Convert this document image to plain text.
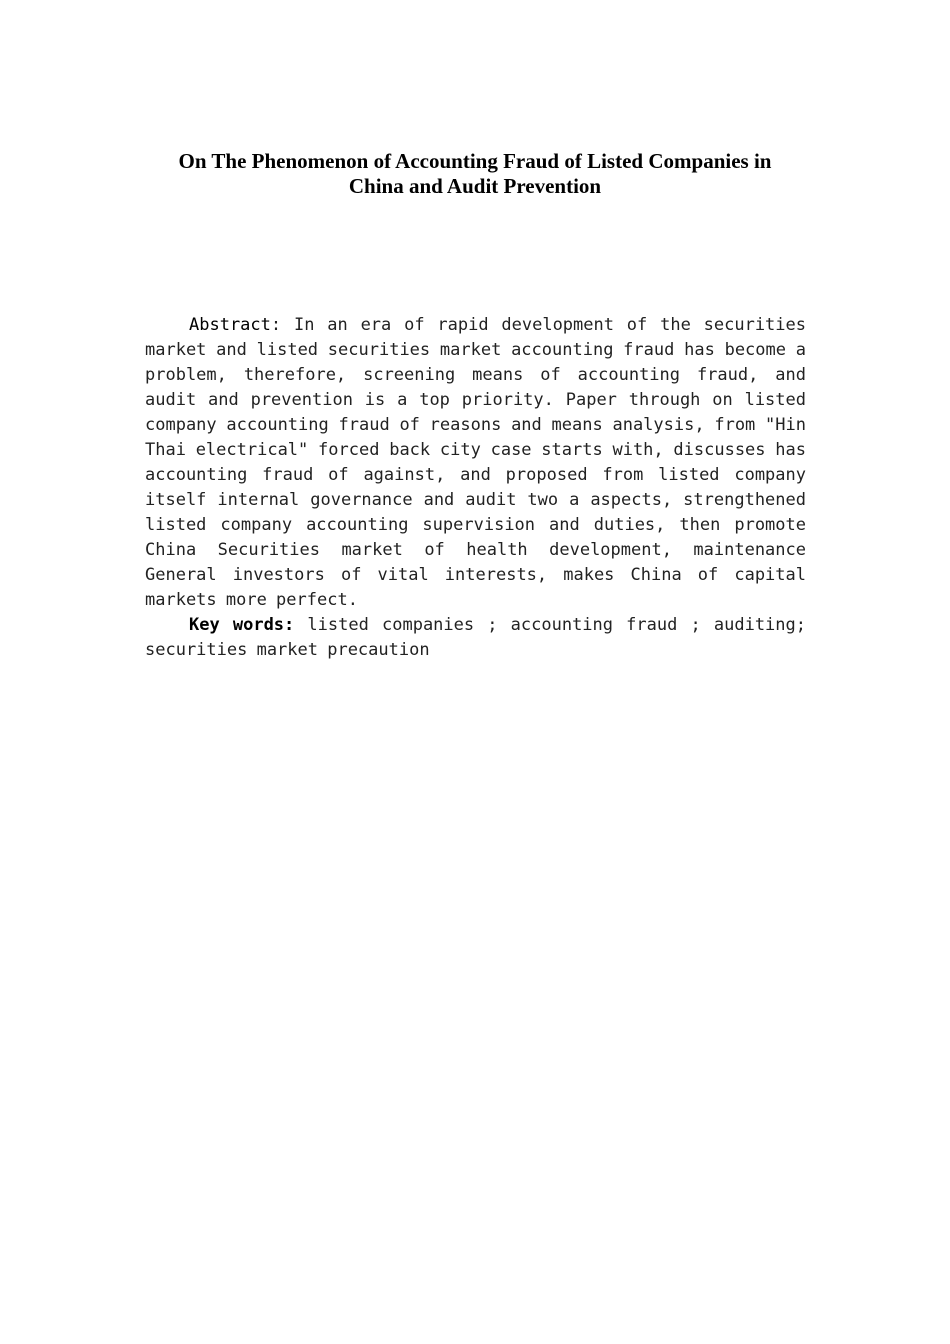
On The Phenomenon of Accounting Fraud of Listed Companies in
China and Audit Prevention

Abstract: In an era of rapid development of the securities market and listed securities market accounting fraud has become a problem, therefore, screening means of accounting fraud, and audit and prevention is a top priority. Paper through on listed company accounting fraud of reasons and means analysis, from "Hin Thai electrical" forced back city case starts with, discusses has accounting fraud of against, and proposed from listed company itself internal governance and audit two a aspects, strengthened listed company accounting supervision and duties, then promote China Securities market of health development, maintenance General investors of vital interests, makes China of capital markets more perfect.

Key words: listed companies ; accounting fraud ; auditing; securities market precaution
